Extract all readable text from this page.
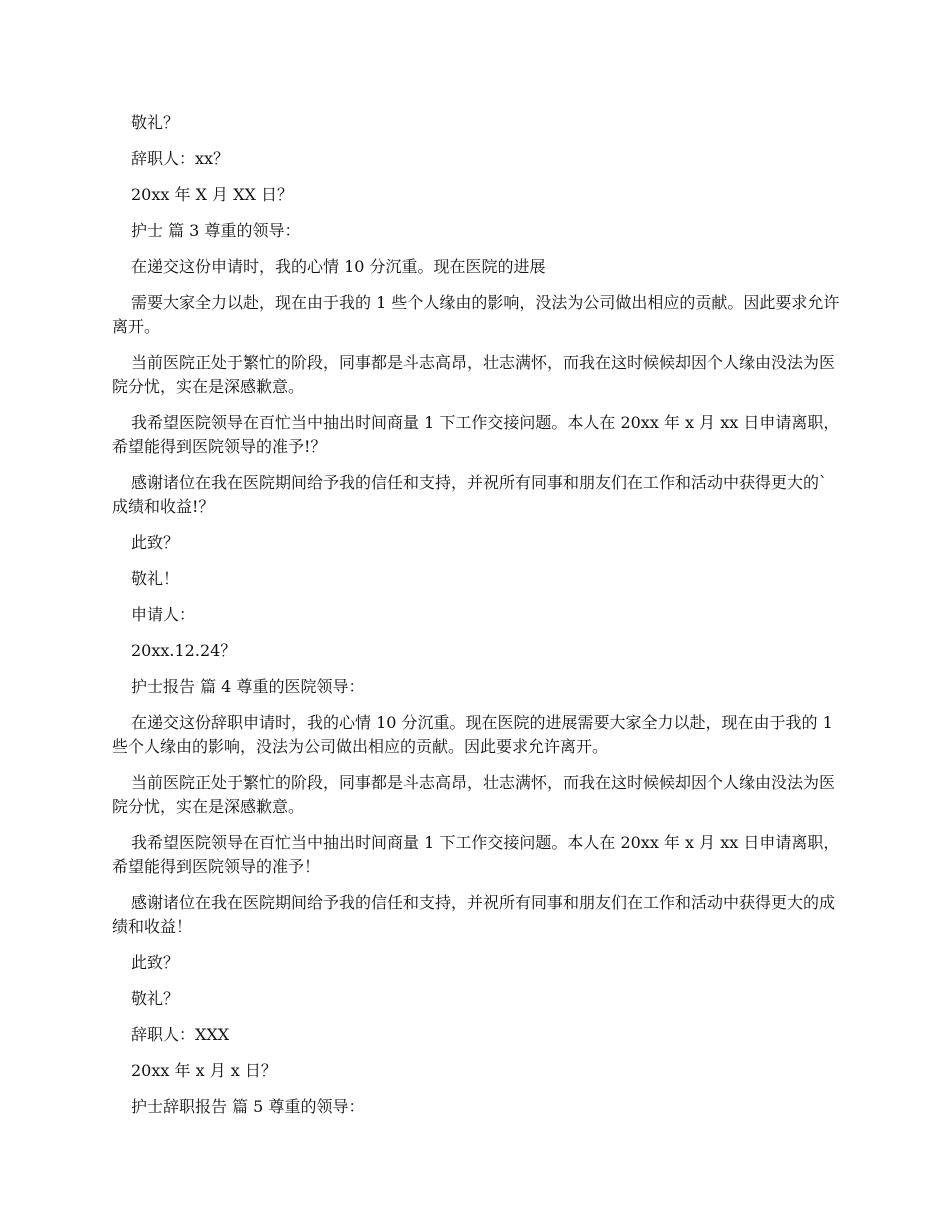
敬礼？

辞职人：xx？

20xx 年 X 月 XX 日？

护士 篇 3 尊重的领导：

在递交这份申请时，我的心情 10 分沉重。现在医院的进展

需要大家全力以赴，现在由于我的 1 些个人缘由的影响，没法为公司做出相应的贡献。因此要求允许离开。

当前医院正处于繁忙的阶段，同事都是斗志高昂，壮志满怀，而我在这时候候却因个人缘由没法为医院分忧，实在是深感歉意。

我希望医院领导在百忙当中抽出时间商量 1 下工作交接问题。本人在 20xx 年 x 月 xx 日申请离职，希望能得到医院领导的准予!？

感谢诸位在我在医院期间给予我的信任和支持，并祝所有同事和朋友们在工作和活动中获得更大的`成绩和收益!？

此致？

敬礼！

申请人：

20xx.12.24？

护士报告 篇 4 尊重的医院领导：

在递交这份辞职申请时，我的心情 10 分沉重。现在医院的进展需要大家全力以赴，现在由于我的 1 些个人缘由的影响，没法为公司做出相应的贡献。因此要求允许离开。

当前医院正处于繁忙的阶段，同事都是斗志高昂，壮志满怀，而我在这时候候却因个人缘由没法为医院分忧，实在是深感歉意。

我希望医院领导在百忙当中抽出时间商量 1 下工作交接问题。本人在 20xx 年 x 月 xx 日申请离职，希望能得到医院领导的准予！

感谢诸位在我在医院期间给予我的信任和支持，并祝所有同事和朋友们在工作和活动中获得更大的成绩和收益！

此致？

敬礼？

辞职人：XXX

20xx 年 x 月 x 日？

护士辞职报告 篇 5 尊重的领导：
